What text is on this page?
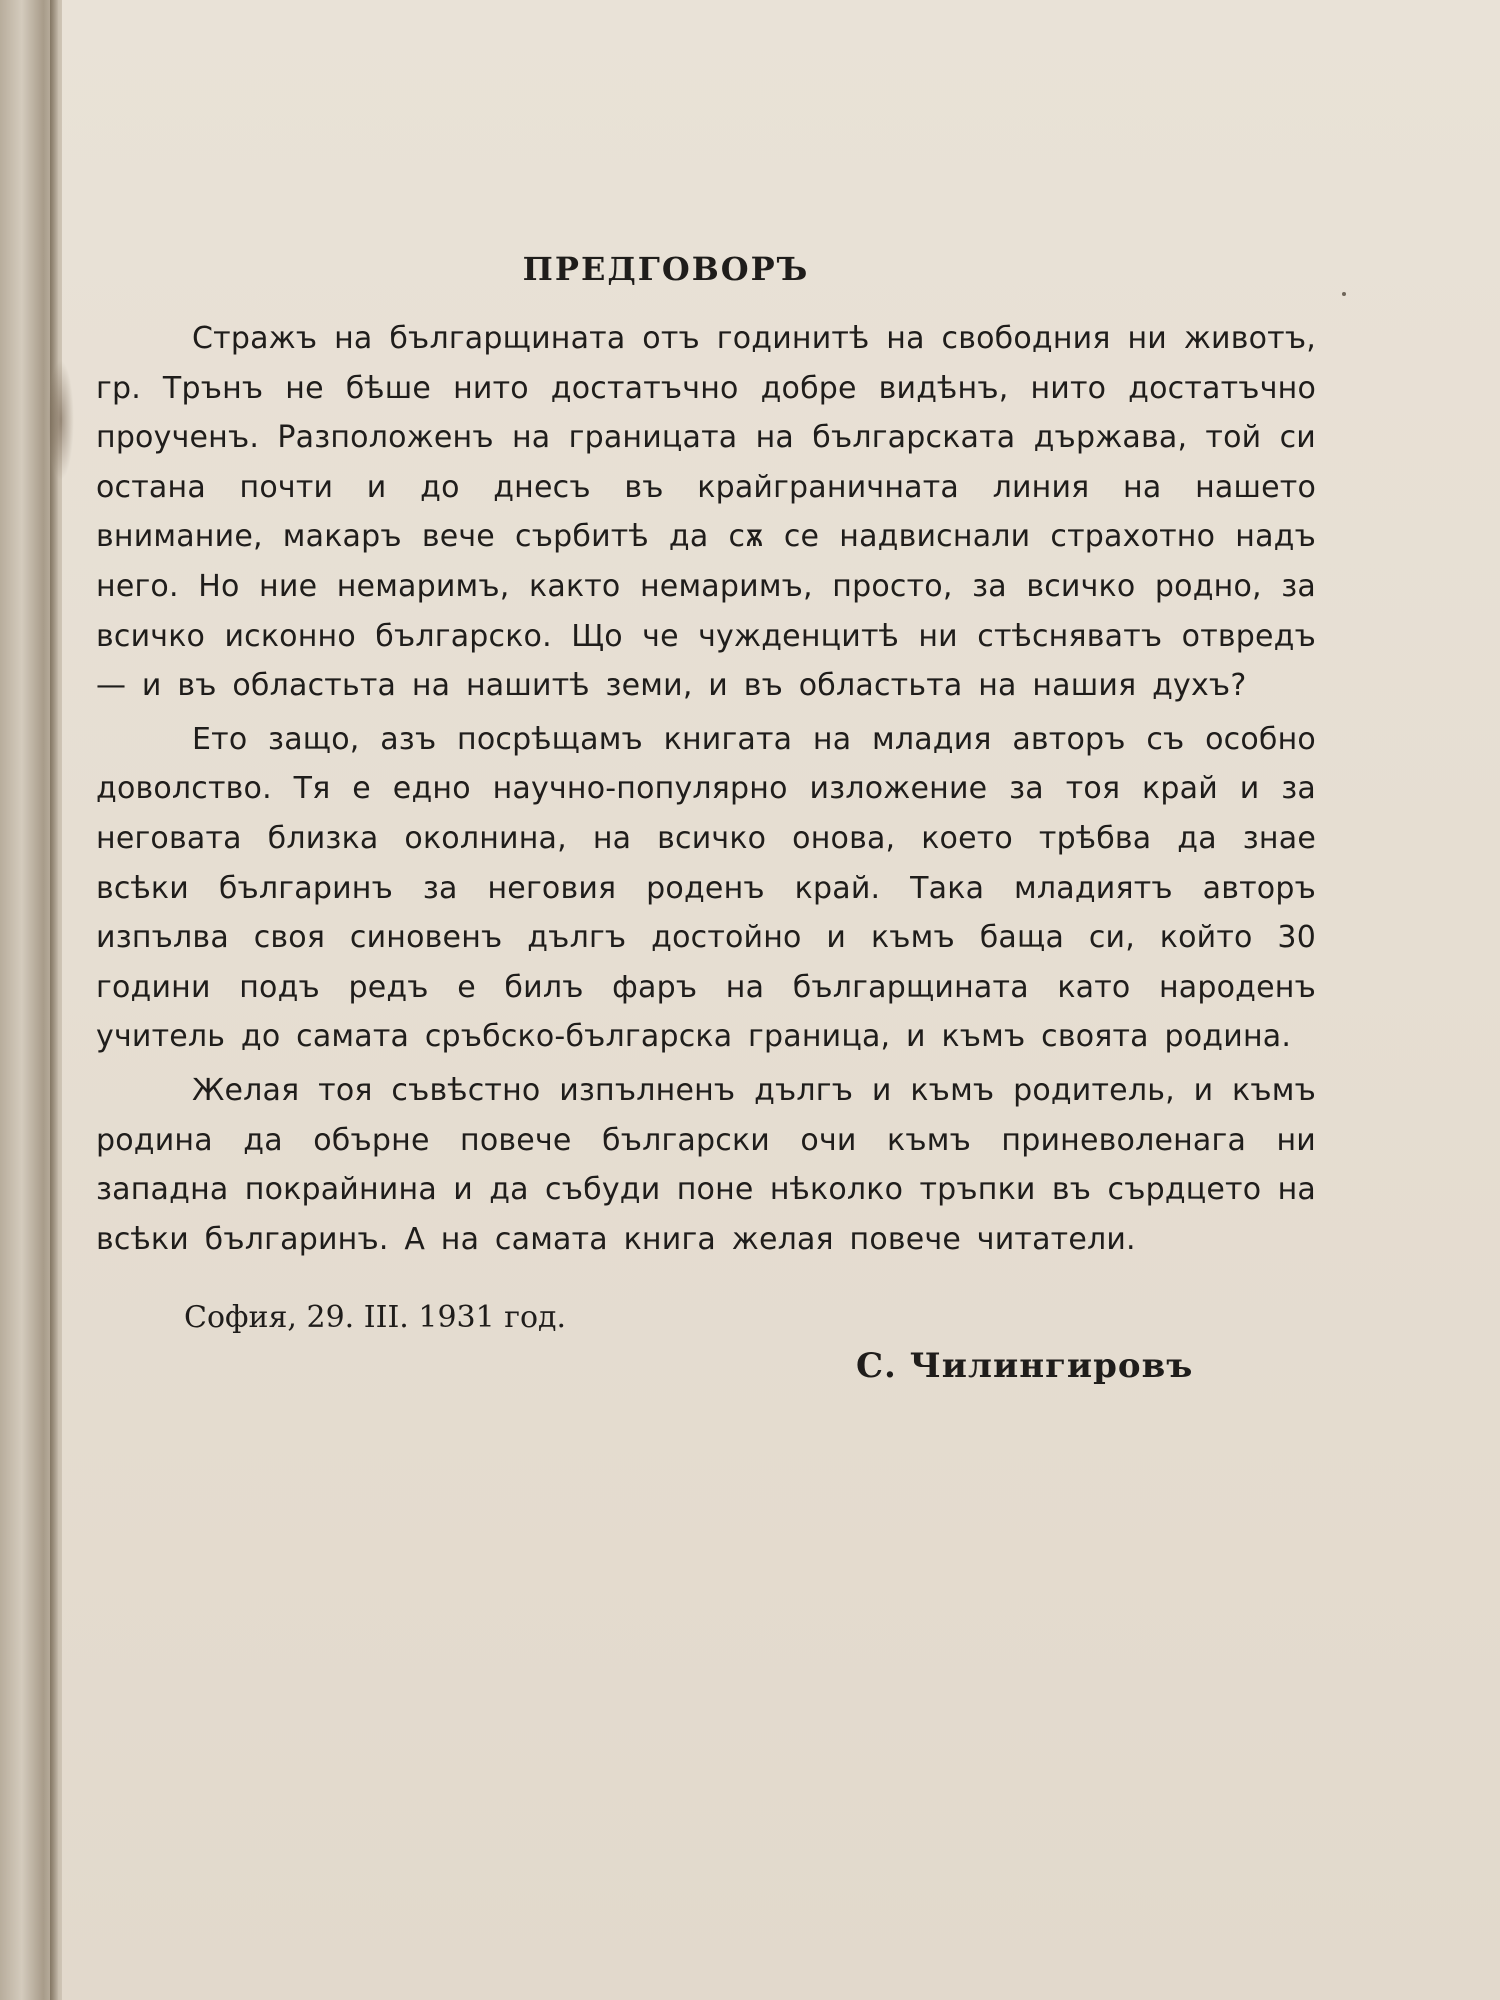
ПРЕДГОВОРЪ

Стражъ на българщината отъ годинитѣ на свободния ни животъ, гр. Трънъ не бѣше нито достатъчно добре видѣнъ, нито достатъчно проученъ. Разположенъ на границата на българската държава, той си остана почти и до днесъ въ крайграничната линия на нашето внимание, макаръ вече сърбитѣ да сѫ се надвиснали страхотно надъ него. Но ние немаримъ, както немаримъ, просто, за всичко родно, за всичко исконно българско. Що че чужденцитѣ ни стѣсняватъ отвредъ — и въ областьта на нашитѣ земи, и въ областьта на нашия духъ?

Ето защо, азъ посрѣщамъ книгата на младия авторъ съ особно доволство. Тя е едно научно-популярно изложение за тоя край и за неговата близка околнина, на всичко онова, което трѣбва да знае всѣки българинъ за неговия роденъ край. Така младиятъ авторъ изпълва своя синовенъ дългъ достойно и къмъ баща си, който 30 години подъ редъ е билъ фаръ на българщината като народенъ учитель до самата сръбско-българска граница, и къмъ своята родина.

Желая тоя съвѣстно изпълненъ дългъ и къмъ родитель, и къмъ родина да обърне повече български очи къмъ приневоленага ни западна покрайнина и да събуди поне нѣколко тръпки въ сърдцето на всѣки българинъ. А на самата книга желая повече читатели.

София, 29. III. 1931 год.
С. Чилингировъ
